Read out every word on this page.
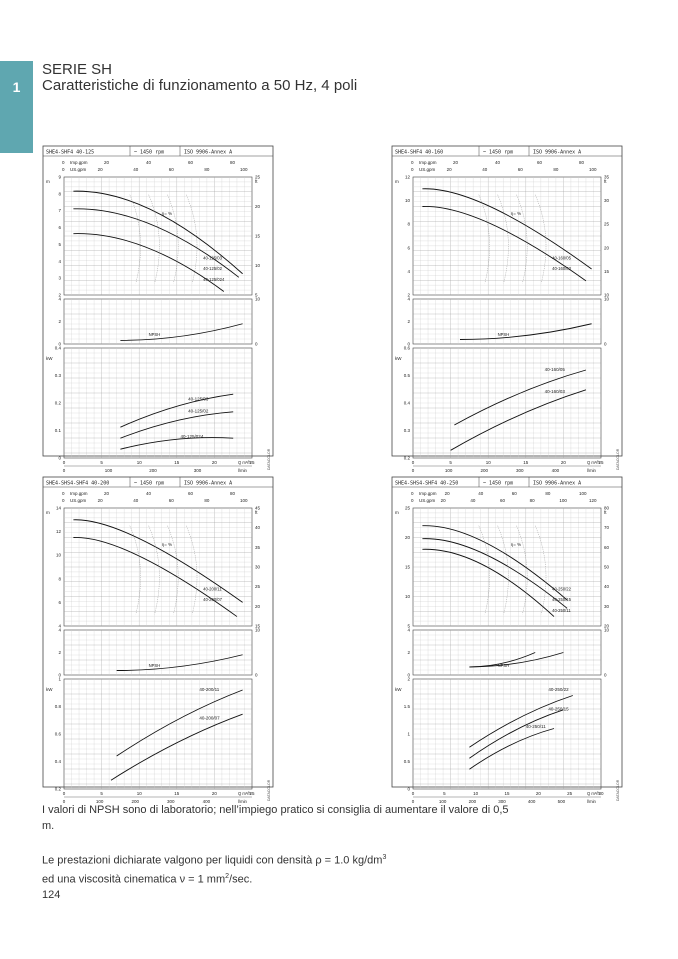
1
SERIE SH
Caratteristiche di funzionamento a 50 Hz, 4 poli
SHE4-SHF4 40-125	~ 1450 rpm	ISO 9906-Annex A
Imp.gpm
US.gpm
0	20	40	60	80
0	20	40	60	80	100
2
3
4
5
6
7
8
9
5
10
15
20
25
0
2
4
0
10
0
0.1
0.2
0.3
0.4
m	ft
kW
0	5	10	15	20	25
Q m³/h
0	100	200	300	l/min
DATACOLOR
η= %
NPSH
40-125/03
40-125/03
40-125/02
40-125/02
40-125/024
40-125/024
SHE4-SHF4 40-160	~ 1450 rpm	ISO 9906-Annex A
Imp.gpm
US.gpm
0	20	40	60	80
0	20	40	60	80	100
2
4
6
8
10
12
10
15
20
25
30
35
0
2
4
0
10
0.2
0.3
0.4
0.5
0.6
m	ft
kW
0	5	10	15	20	25
Q m³/h
0	100	200	300	400	l/min
DATACOLOR
η= %
NPSH
40-160/05
40-160/05
40-160/03
40-160/03
SHE4-SHS4-SHF4 40-200	~ 1450 rpm	ISO 9906-Annex A
Imp.gpm
US.gpm
0	20	40	60	80
0	20	40	60	80	100
4
6
8
10
12
14
15
20
25
30
35
40
45
0
2
4
0
10
0.2
0.4
0.6
0.8
1
m	ft
kW
0	5	10	15	20	25
Q m³/h
0	100	200	300	400	l/min
DATACOLOR
η= %
NPSH
40-200/11
40-200/11
40-200/07
40-200/07
SHE4-SHS4-SHF4 40-250	~ 1450 rpm	ISO 9906-Annex A
Imp.gpm
US.gpm
0	20	40	60	80	100
0	20	40	60	80	100	120
5
10
15
20
25
20
30
40
50
60
70
80
0
2
4
0
10
0
0.5
1
1.5
2
m	ft
kW
0	5	10	15	20	25	30
Q m³/h
0	100	200	300	400	500	l/min
DATACOLOR
η= %
NPSH
40-250/22
40-250/22
40-250/15
40-250/15
40-250/11
40-250/11
I valori di NPSH sono di laboratorio; nell’impiego pratico si consiglia di aumentare il valore di 0,5 m.
Le prestazioni dichiarate valgono per liquidi con densità ρ = 1.0 $kg/dm^3$
ed una viscosità cinematica ν = 1 $mm^2/\sec$.
124
